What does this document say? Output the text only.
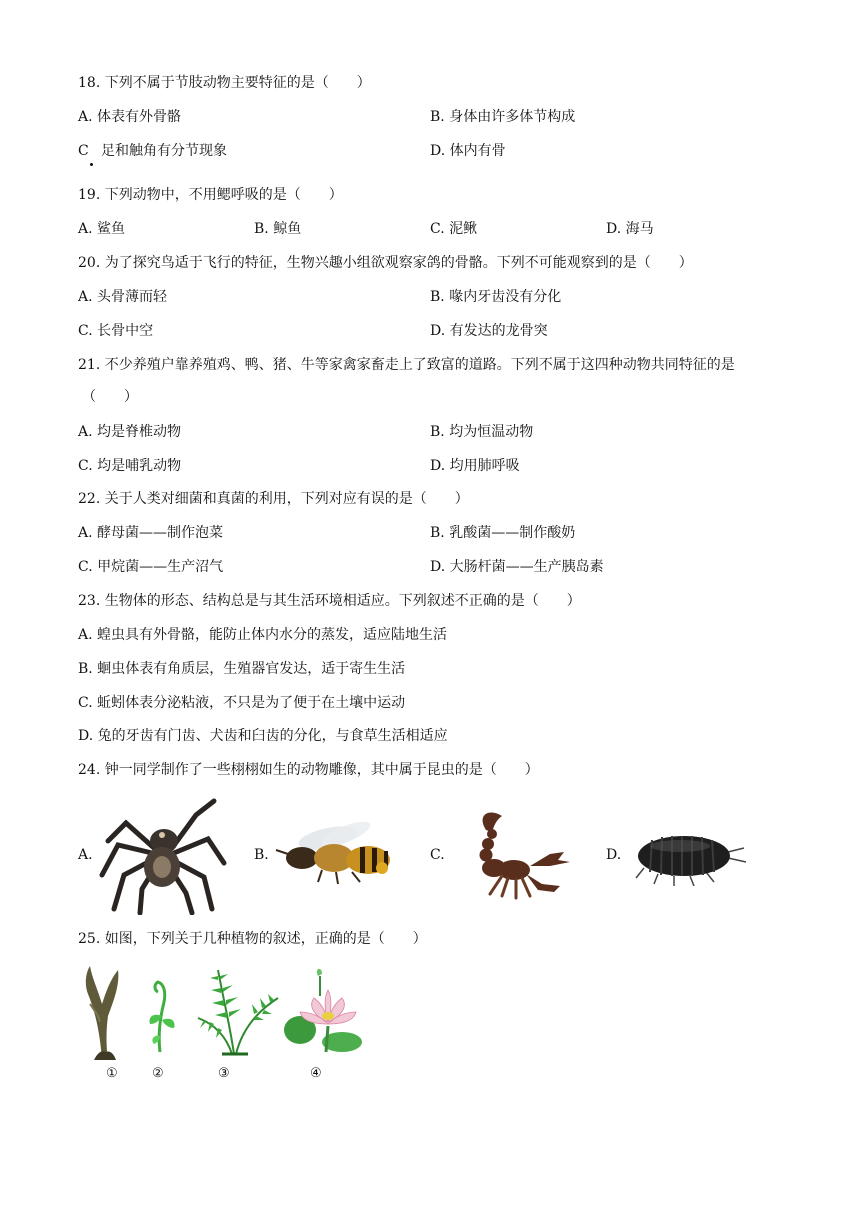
18. 下列不属于节肢动物主要特征的是（　　）
A. 体表有外骨骼	B. 身体由许多体节构成
C 足和触角有分节现象	D. 体内有骨
19. 下列动物中，不用鳃呼吸的是（　　）
A. 鲨鱼	B. 鲸鱼	C. 泥鳅	D. 海马
20. 为了探究鸟适于飞行的特征，生物兴趣小组欲观察家鸽的骨骼。下列不可能观察到的是（　　）
A. 头骨薄而轻	B. 喙内牙齿没有分化
C. 长骨中空	D. 有发达的龙骨突
21. 不少养殖户靠养殖鸡、鸭、猪、牛等家禽家畜走上了致富的道路。下列不属于这四种动物共同特征的是
（　　）
A. 均是脊椎动物	B. 均为恒温动物
C. 均是哺乳动物	D. 均用肺呼吸
22. 关于人类对细菌和真菌的利用，下列对应有误的是（　　）
A. 酵母菌——制作泡菜	B. 乳酸菌——制作酸奶
C. 甲烷菌——生产沼气	D. 大肠杆菌——生产胰岛素
23. 生物体的形态、结构总是与其生活环境相适应。下列叙述不正确的是（　　）
A. 蝗虫具有外骨骼，能防止体内水分的蒸发，适应陆地生活
B. 蛔虫体表有角质层，生殖器官发达，适于寄生生活
C. 蚯蚓体表分泌粘液，不只是为了便于在土壤中运动
D. 兔的牙齿有门齿、犬齿和臼齿的分化，与食草生活相适应
24. 钟一同学制作了一些栩栩如生的动物雕像，其中属于昆虫的是（　　）
A.	B.	C.	D.
25. 如图，下列关于几种植物的叙述，正确的是（　　）
①	②	③	④
